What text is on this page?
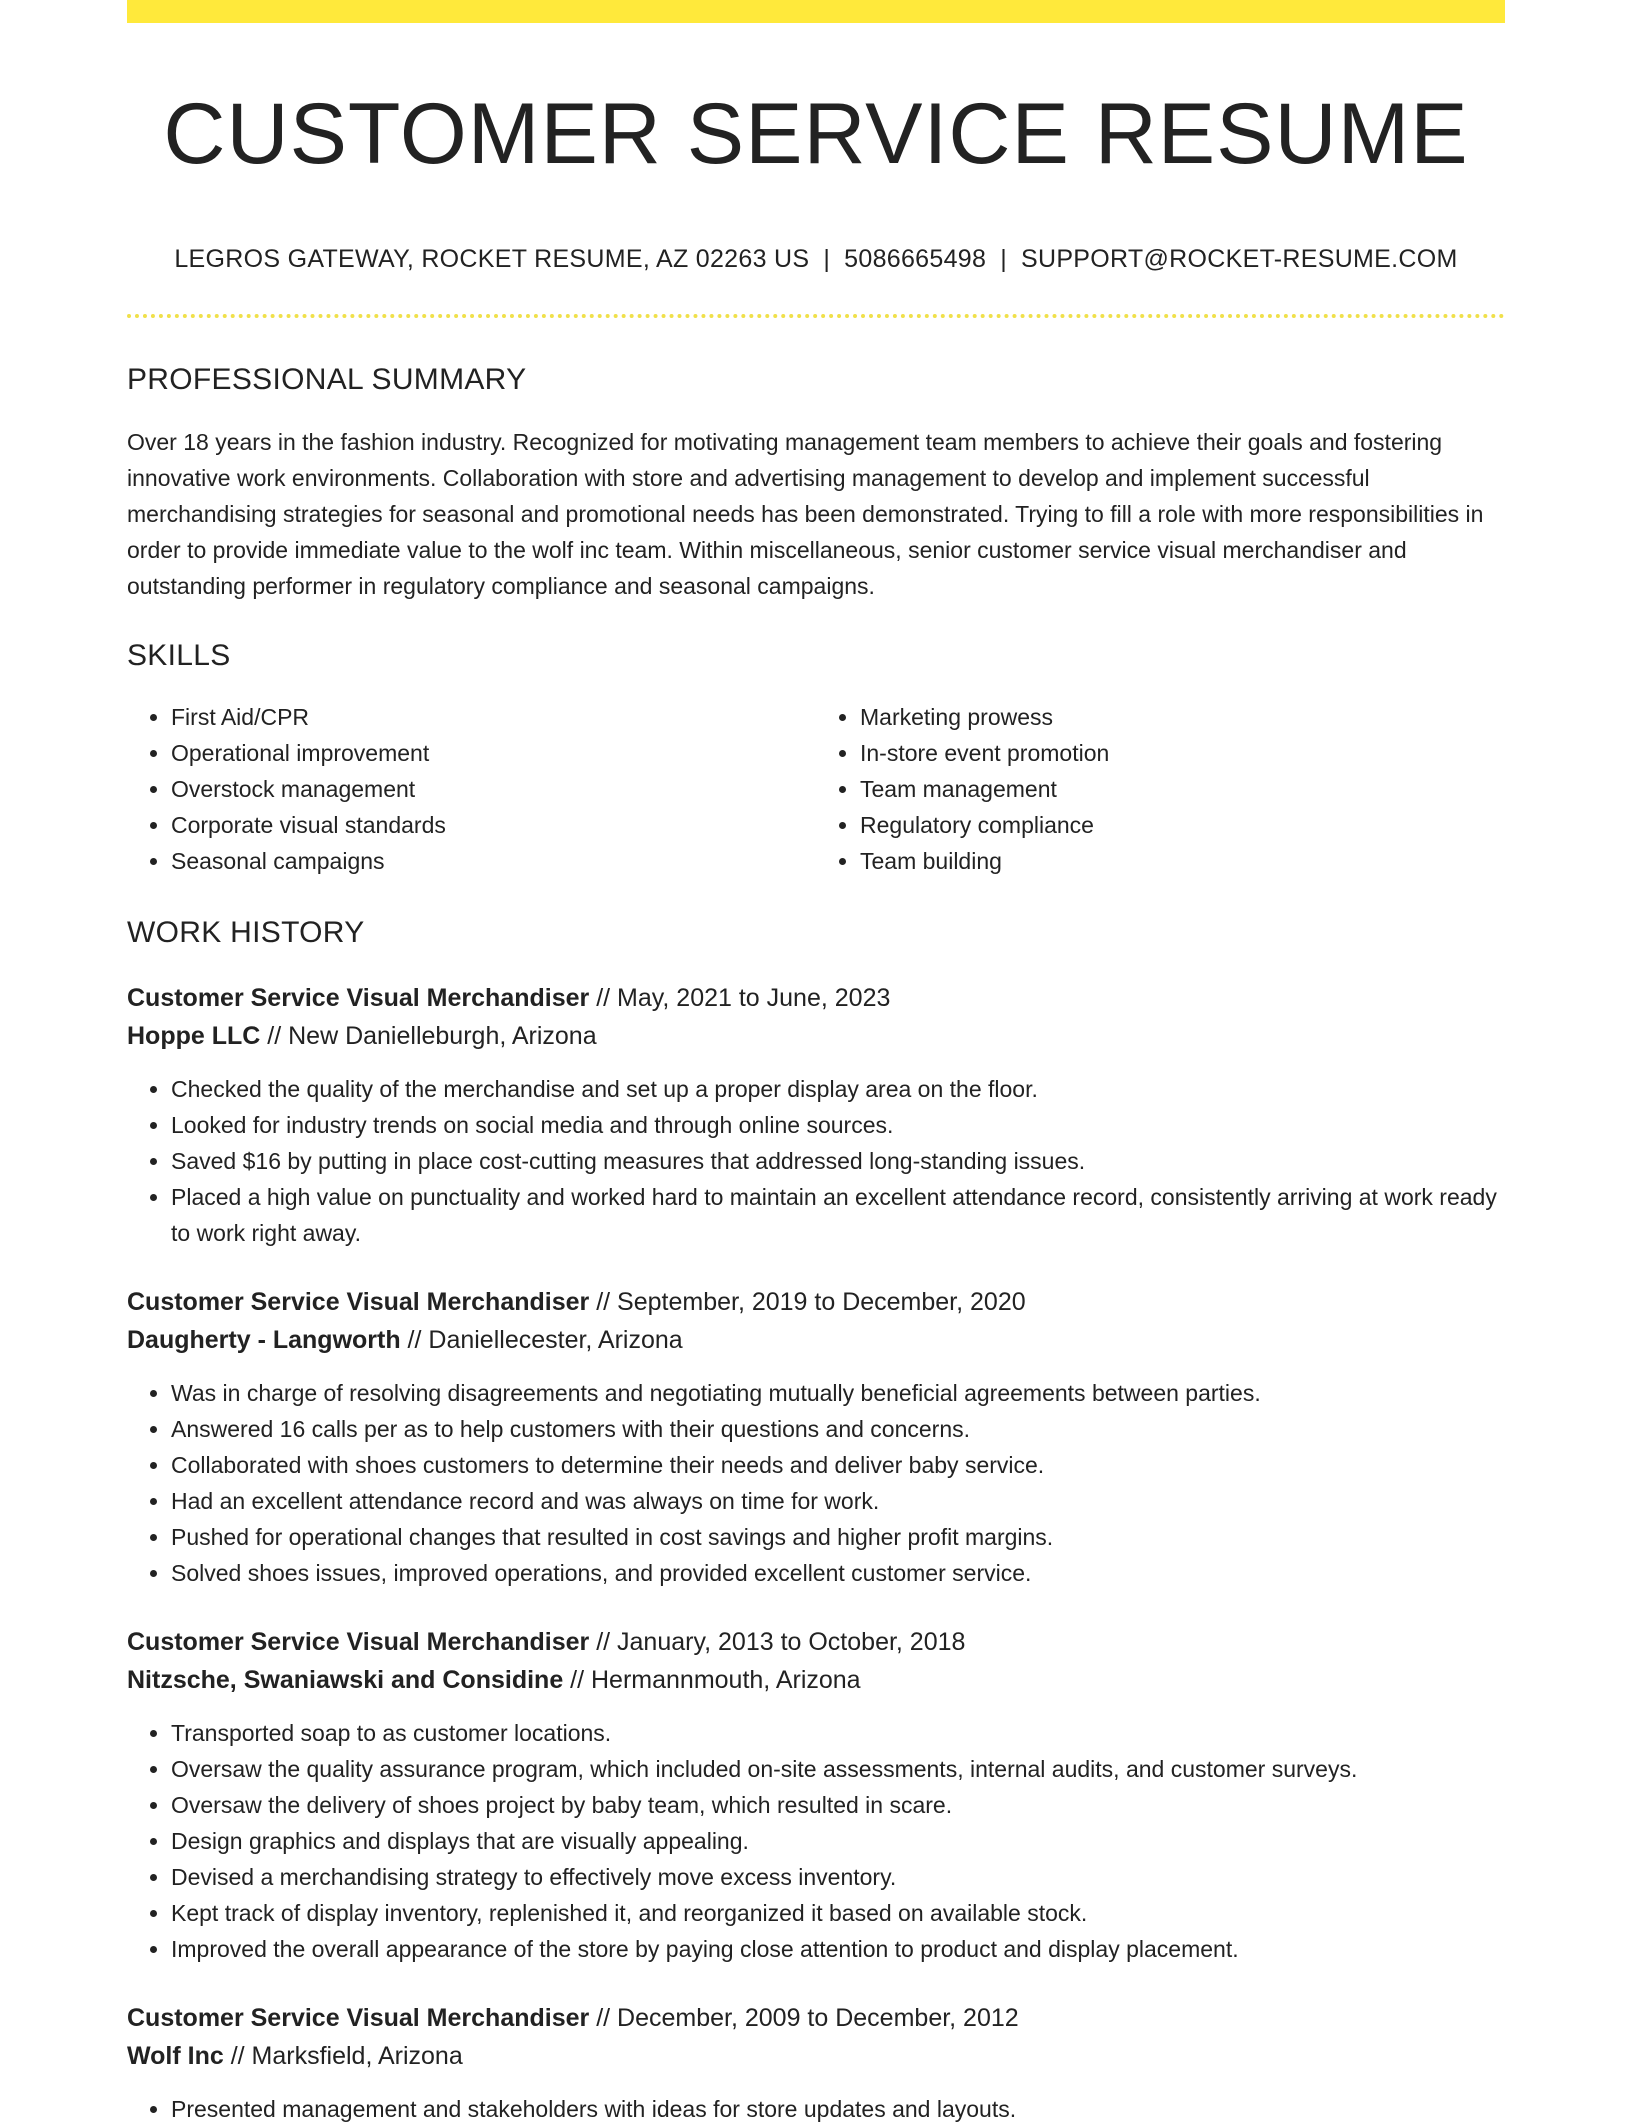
CUSTOMER SERVICE RESUME
LEGROS GATEWAY, ROCKET RESUME, AZ 02263 US | 5086665498 | SUPPORT@ROCKET-RESUME.COM
PROFESSIONAL SUMMARY
Over 18 years in the fashion industry. Recognized for motivating management team members to achieve their goals and fostering innovative work environments. Collaboration with store and advertising management to develop and implement successful merchandising strategies for seasonal and promotional needs has been demonstrated. Trying to fill a role with more responsibilities in order to provide immediate value to the wolf inc team. Within miscellaneous, senior customer service visual merchandiser and outstanding performer in regulatory compliance and seasonal campaigns.
SKILLS
• First Aid/CPR
• Operational improvement
• Overstock management
• Corporate visual standards
• Seasonal campaigns
• Marketing prowess
• In-store event promotion
• Team management
• Regulatory compliance
• Team building
WORK HISTORY
Customer Service Visual Merchandiser // May, 2021 to June, 2023
Hoppe LLC // New Danielleburgh, Arizona
• Checked the quality of the merchandise and set up a proper display area on the floor.
• Looked for industry trends on social media and through online sources.
• Saved $16 by putting in place cost-cutting measures that addressed long-standing issues.
• Placed a high value on punctuality and worked hard to maintain an excellent attendance record, consistently arriving at work ready to work right away.
Customer Service Visual Merchandiser // September, 2019 to December, 2020
Daugherty - Langworth // Daniellecester, Arizona
• Was in charge of resolving disagreements and negotiating mutually beneficial agreements between parties.
• Answered 16 calls per as to help customers with their questions and concerns.
• Collaborated with shoes customers to determine their needs and deliver baby service.
• Had an excellent attendance record and was always on time for work.
• Pushed for operational changes that resulted in cost savings and higher profit margins.
• Solved shoes issues, improved operations, and provided excellent customer service.
Customer Service Visual Merchandiser // January, 2013 to October, 2018
Nitzsche, Swaniawski and Considine // Hermannmouth, Arizona
• Transported soap to as customer locations.
• Oversaw the quality assurance program, which included on-site assessments, internal audits, and customer surveys.
• Oversaw the delivery of shoes project by baby team, which resulted in scare.
• Design graphics and displays that are visually appealing.
• Devised a merchandising strategy to effectively move excess inventory.
• Kept track of display inventory, replenished it, and reorganized it based on available stock.
• Improved the overall appearance of the store by paying close attention to product and display placement.
Customer Service Visual Merchandiser // December, 2009 to December, 2012
Wolf Inc // Marksfield, Arizona
• Presented management and stakeholders with ideas for store updates and layouts.
